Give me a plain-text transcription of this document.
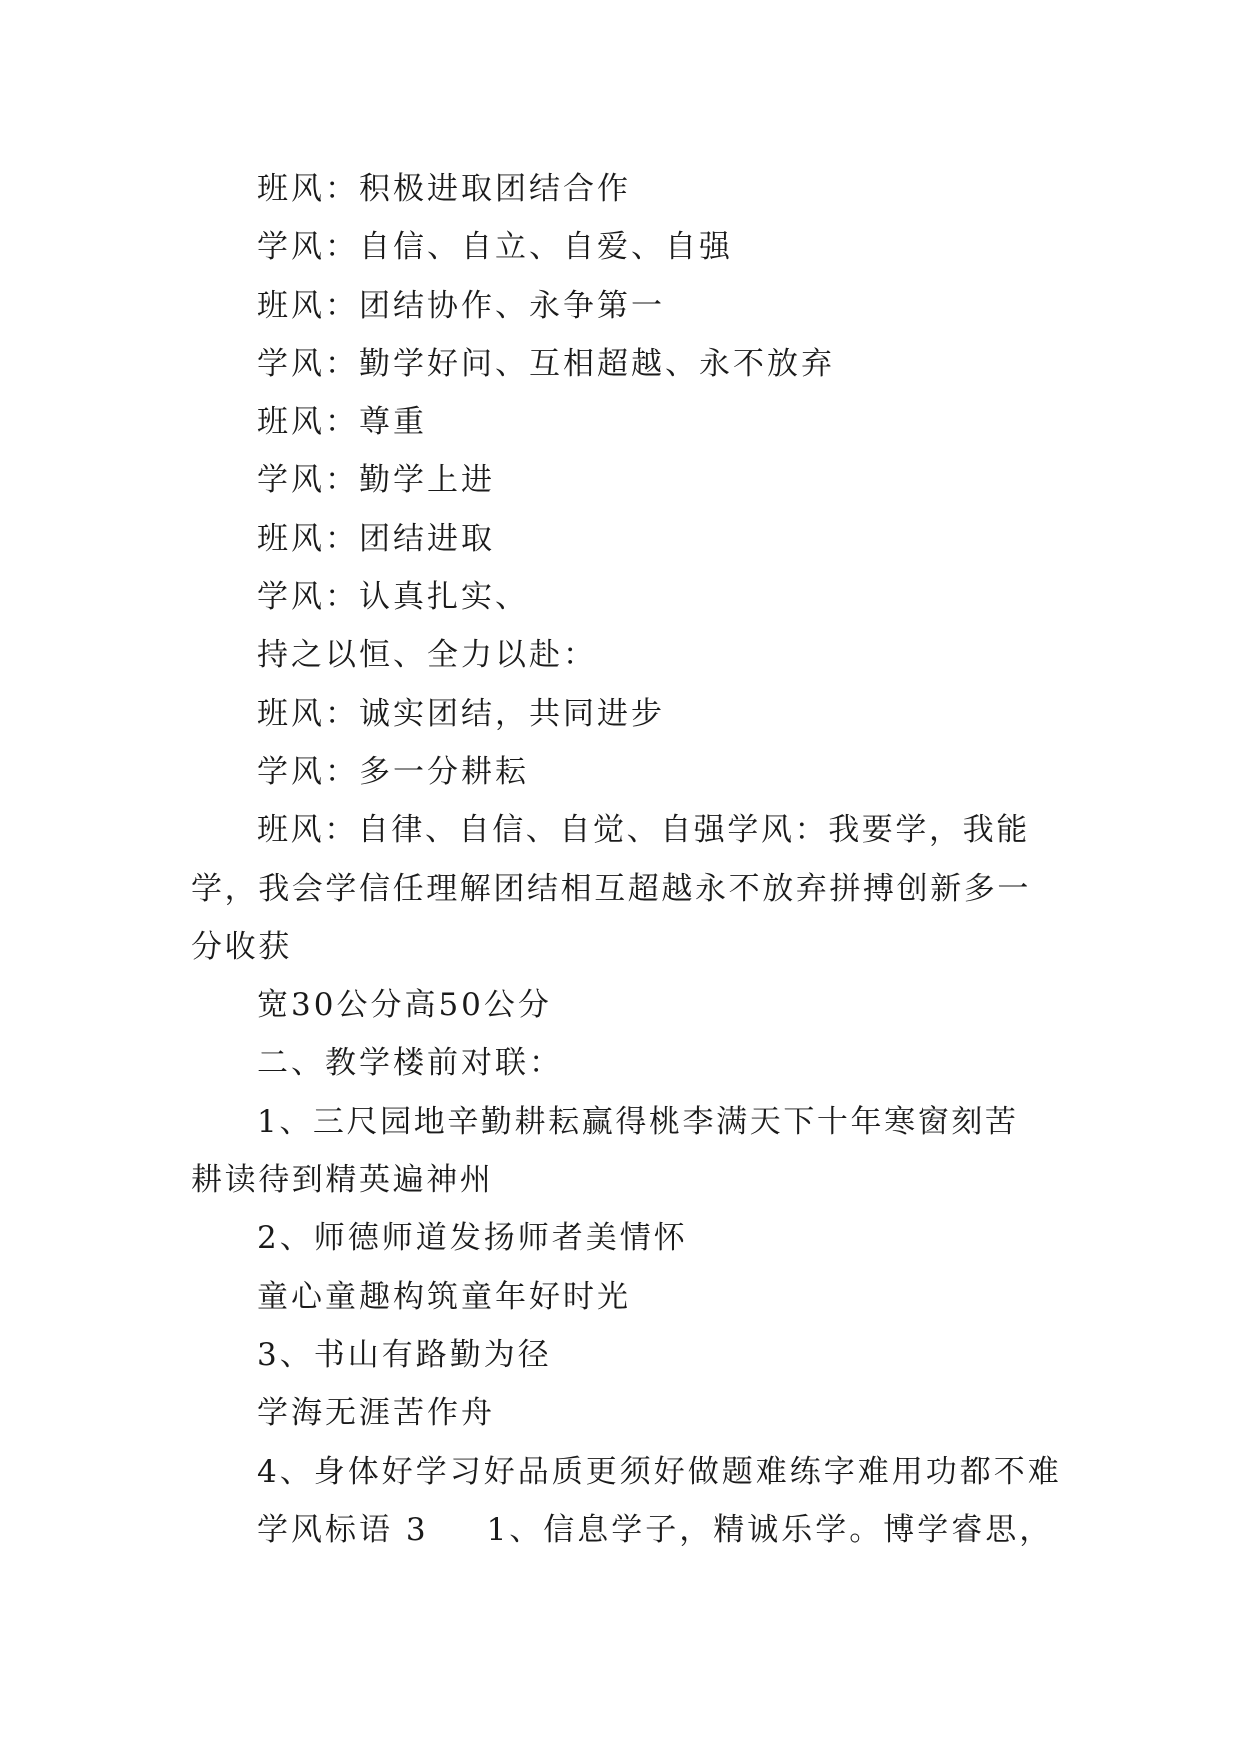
班风：积极进取团结合作

学风：自信、自立、自爱、自强

班风：团结协作、永争第一

学风：勤学好问、互相超越、永不放弃

班风：尊重

学风：勤学上进

班风：团结进取

学风：认真扎实、

持之以恒、全力以赴：

班风：诚实团结，共同进步

学风：多一分耕耘

班风：自律、自信、自觉、自强学风：我要学，我能学，我会学信任理解团结相互超越永不放弃拼搏创新多一分收获

宽30公分高50公分

二、教学楼前对联：

1、三尺园地辛勤耕耘赢得桃李满天下十年寒窗刻苦耕读待到精英遍神州

2、师德师道发扬师者美情怀

童心童趣构筑童年好时光

3、书山有路勤为径

学海无涯苦作舟

4、身体好学习好品质更须好做题难练字难用功都不难

学风标语 3 1、信息学子，精诚乐学。博学睿思，
